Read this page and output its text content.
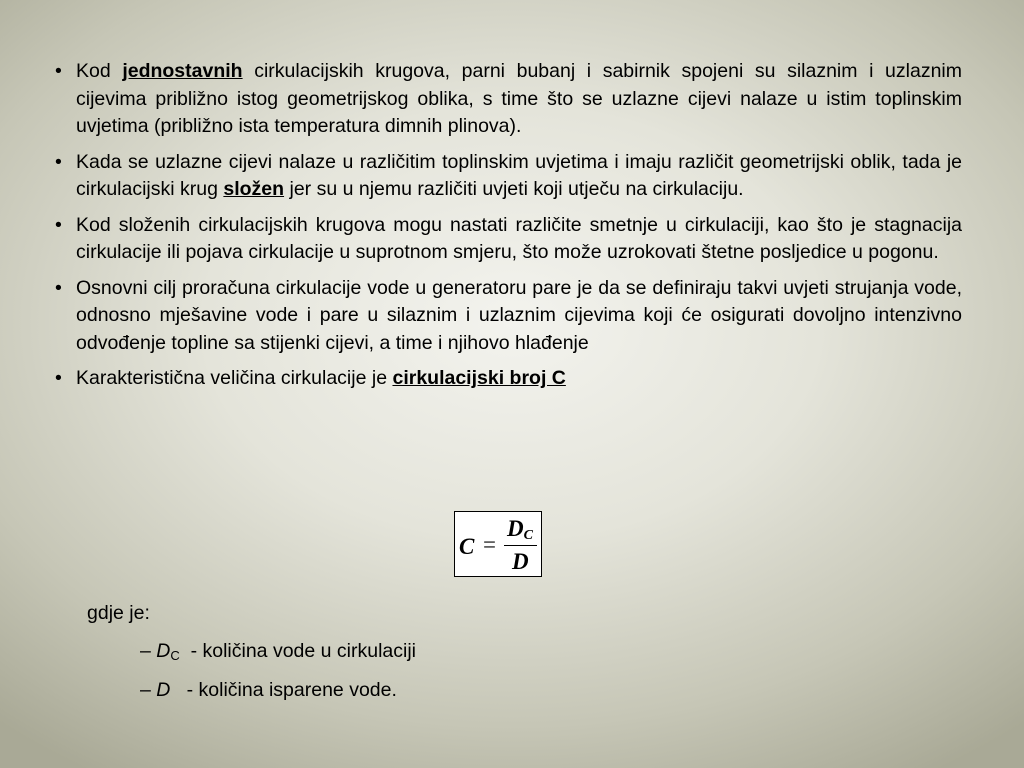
• Kod jednostavnih cirkulacijskih krugova, parni bubanj i sabirnik spojeni su silaznim i uzlaznim cijevima približno istog geometrijskog oblika, s time što se uzlazne cijevi nalaze u istim toplinskim uvjetima (približno ista temperatura dimnih plinova).
• Kada se uzlazne cijevi nalaze u različitim toplinskim uvjetima i imaju različit geometrijski oblik, tada je cirkulacijski krug složen jer su u njemu različiti uvjeti koji utječu na cirkulaciju.
• Kod složenih cirkulacijskih krugova mogu nastati različite smetnje u cirkulaciji, kao što je stagnacija cirkulacije ili pojava cirkulacije u suprotnom smjeru, što može uzrokovati štetne posljedice u pogonu.
• Osnovni cilj proračuna cirkulacije vode u generatoru pare je da se definiraju takvi uvjeti strujanja vode, odnosno mješavine vode i pare u silaznim i uzlaznim cijevima koji će osigurati dovoljno intenzivno odvođenje topline sa stijenki cijevi, a time i njihovo hlađenje
• Karakteristična veličina cirkulacije je cirkulacijski broj C
C =
$D_C$
D
gdje je:
– $D_C$  - količina vode u cirkulaciji
– D   - količina isparene vode.
